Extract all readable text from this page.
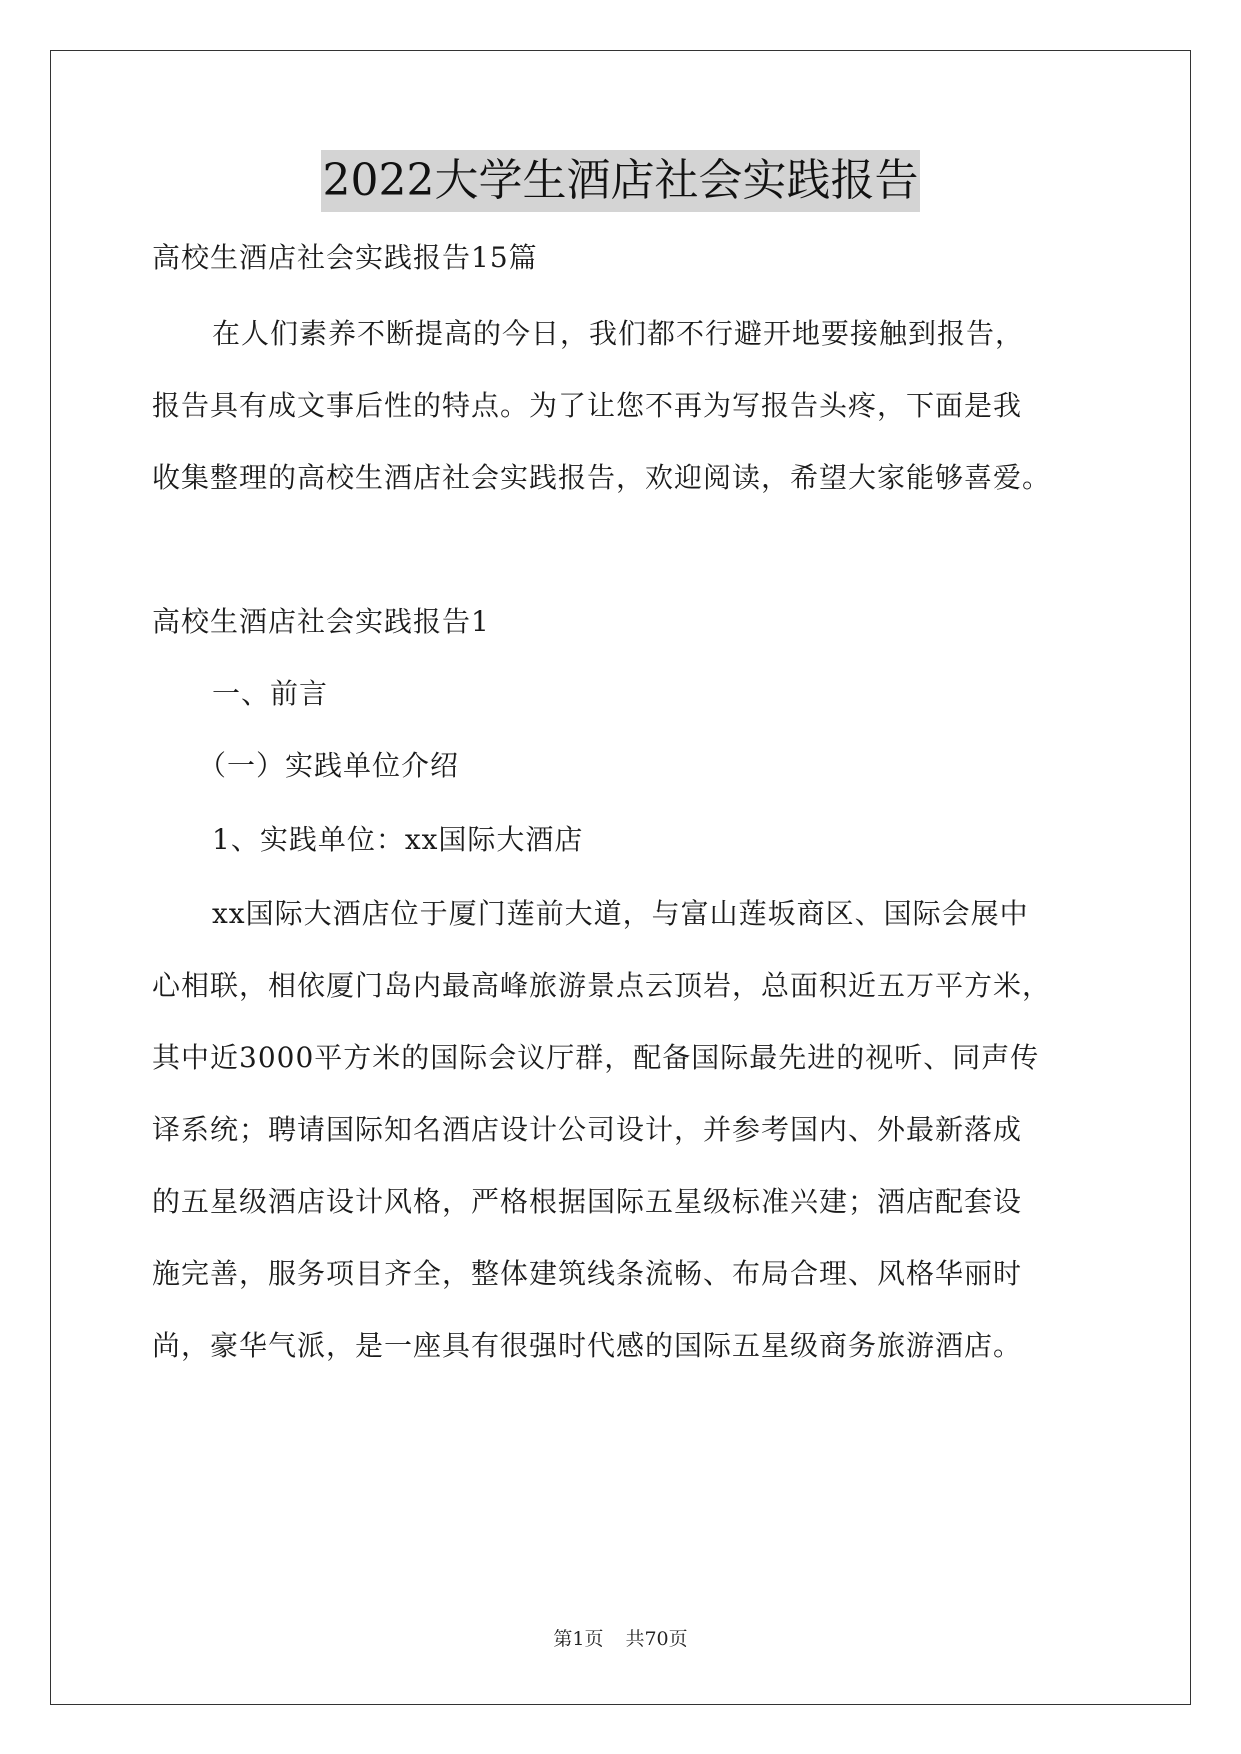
2022大学生酒店社会实践报告
高校生酒店社会实践报告15篇
在人们素养不断提高的今日，我们都不行避开地要接触到报告，
报告具有成文事后性的特点。为了让您不再为写报告头疼，下面是我
收集整理的高校生酒店社会实践报告，欢迎阅读，希望大家能够喜爱。
高校生酒店社会实践报告1
一、前言
（一）实践单位介绍
1、实践单位：xx国际大酒店
xx国际大酒店位于厦门莲前大道，与富山莲坂商区、国际会展中
心相联，相依厦门岛内最高峰旅游景点云顶岩，总面积近五万平方米，
其中近3000平方米的国际会议厅群，配备国际最先进的视听、同声传
译系统；聘请国际知名酒店设计公司设计，并参考国内、外最新落成
的五星级酒店设计风格，严格根据国际五星级标准兴建；酒店配套设
施完善，服务项目齐全，整体建筑线条流畅、布局合理、风格华丽时
尚，豪华气派，是一座具有很强时代感的国际五星级商务旅游酒店。
第1页 共70页
